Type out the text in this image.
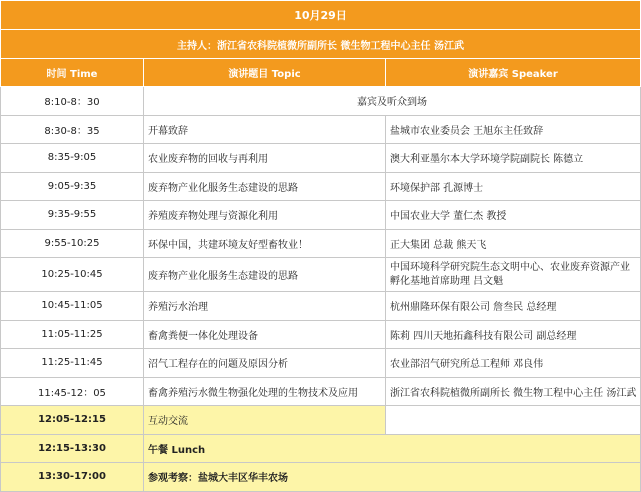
10月29日		
主持人：浙江省农科院植微所副所长 微生物工程中心主任 汤江武		
时间 Time	演讲题目 Topic	演讲嘉宾 Speaker
8:10-8：30	嘉宾及听众到场	
8:30-8：35	开幕致辞	盐城市农业委员会 王旭东主任致辞
8:35-9:05	农业废弃物的回收与再利用	澳大利亚墨尔本大学环境学院副院长 陈德立
9:05-9:35	废弃物产业化服务生态建设的思路	环境保护部 孔源博士
9:35-9:55	养殖废弃物处理与资源化利用	中国农业大学 董仁杰 教授
9:55-10:25	环保中国，共建环境友好型畜牧业！	正大集团 总裁 熊天飞
10:25-10:45	废弃物产业化服务生态建设的思路	中国环境科学研究院生态文明中心、农业废弃资源产业孵化基地首席助理 吕文魁
10:45-11:05	养殖污水治理	杭州鼎隆环保有限公司 詹叁民 总经理
11:05-11:25	畜禽粪便一体化处理设备	陈莉 四川天地拓鑫科技有限公司 副总经理
11:25-11:45	沼气工程存在的问题及原因分析	农业部沼气研究所总工程师 邓良伟
11:45-12：05	畜禽养殖污水微生物强化处理的生物技术及应用	浙江省农科院植微所副所长 微生物工程中心主任 汤江武
12:05-12:15	互动交流	
12:15-13:30	午餐 Lunch	
13:30-17:00	参观考察：盐城大丰区华丰农场	
